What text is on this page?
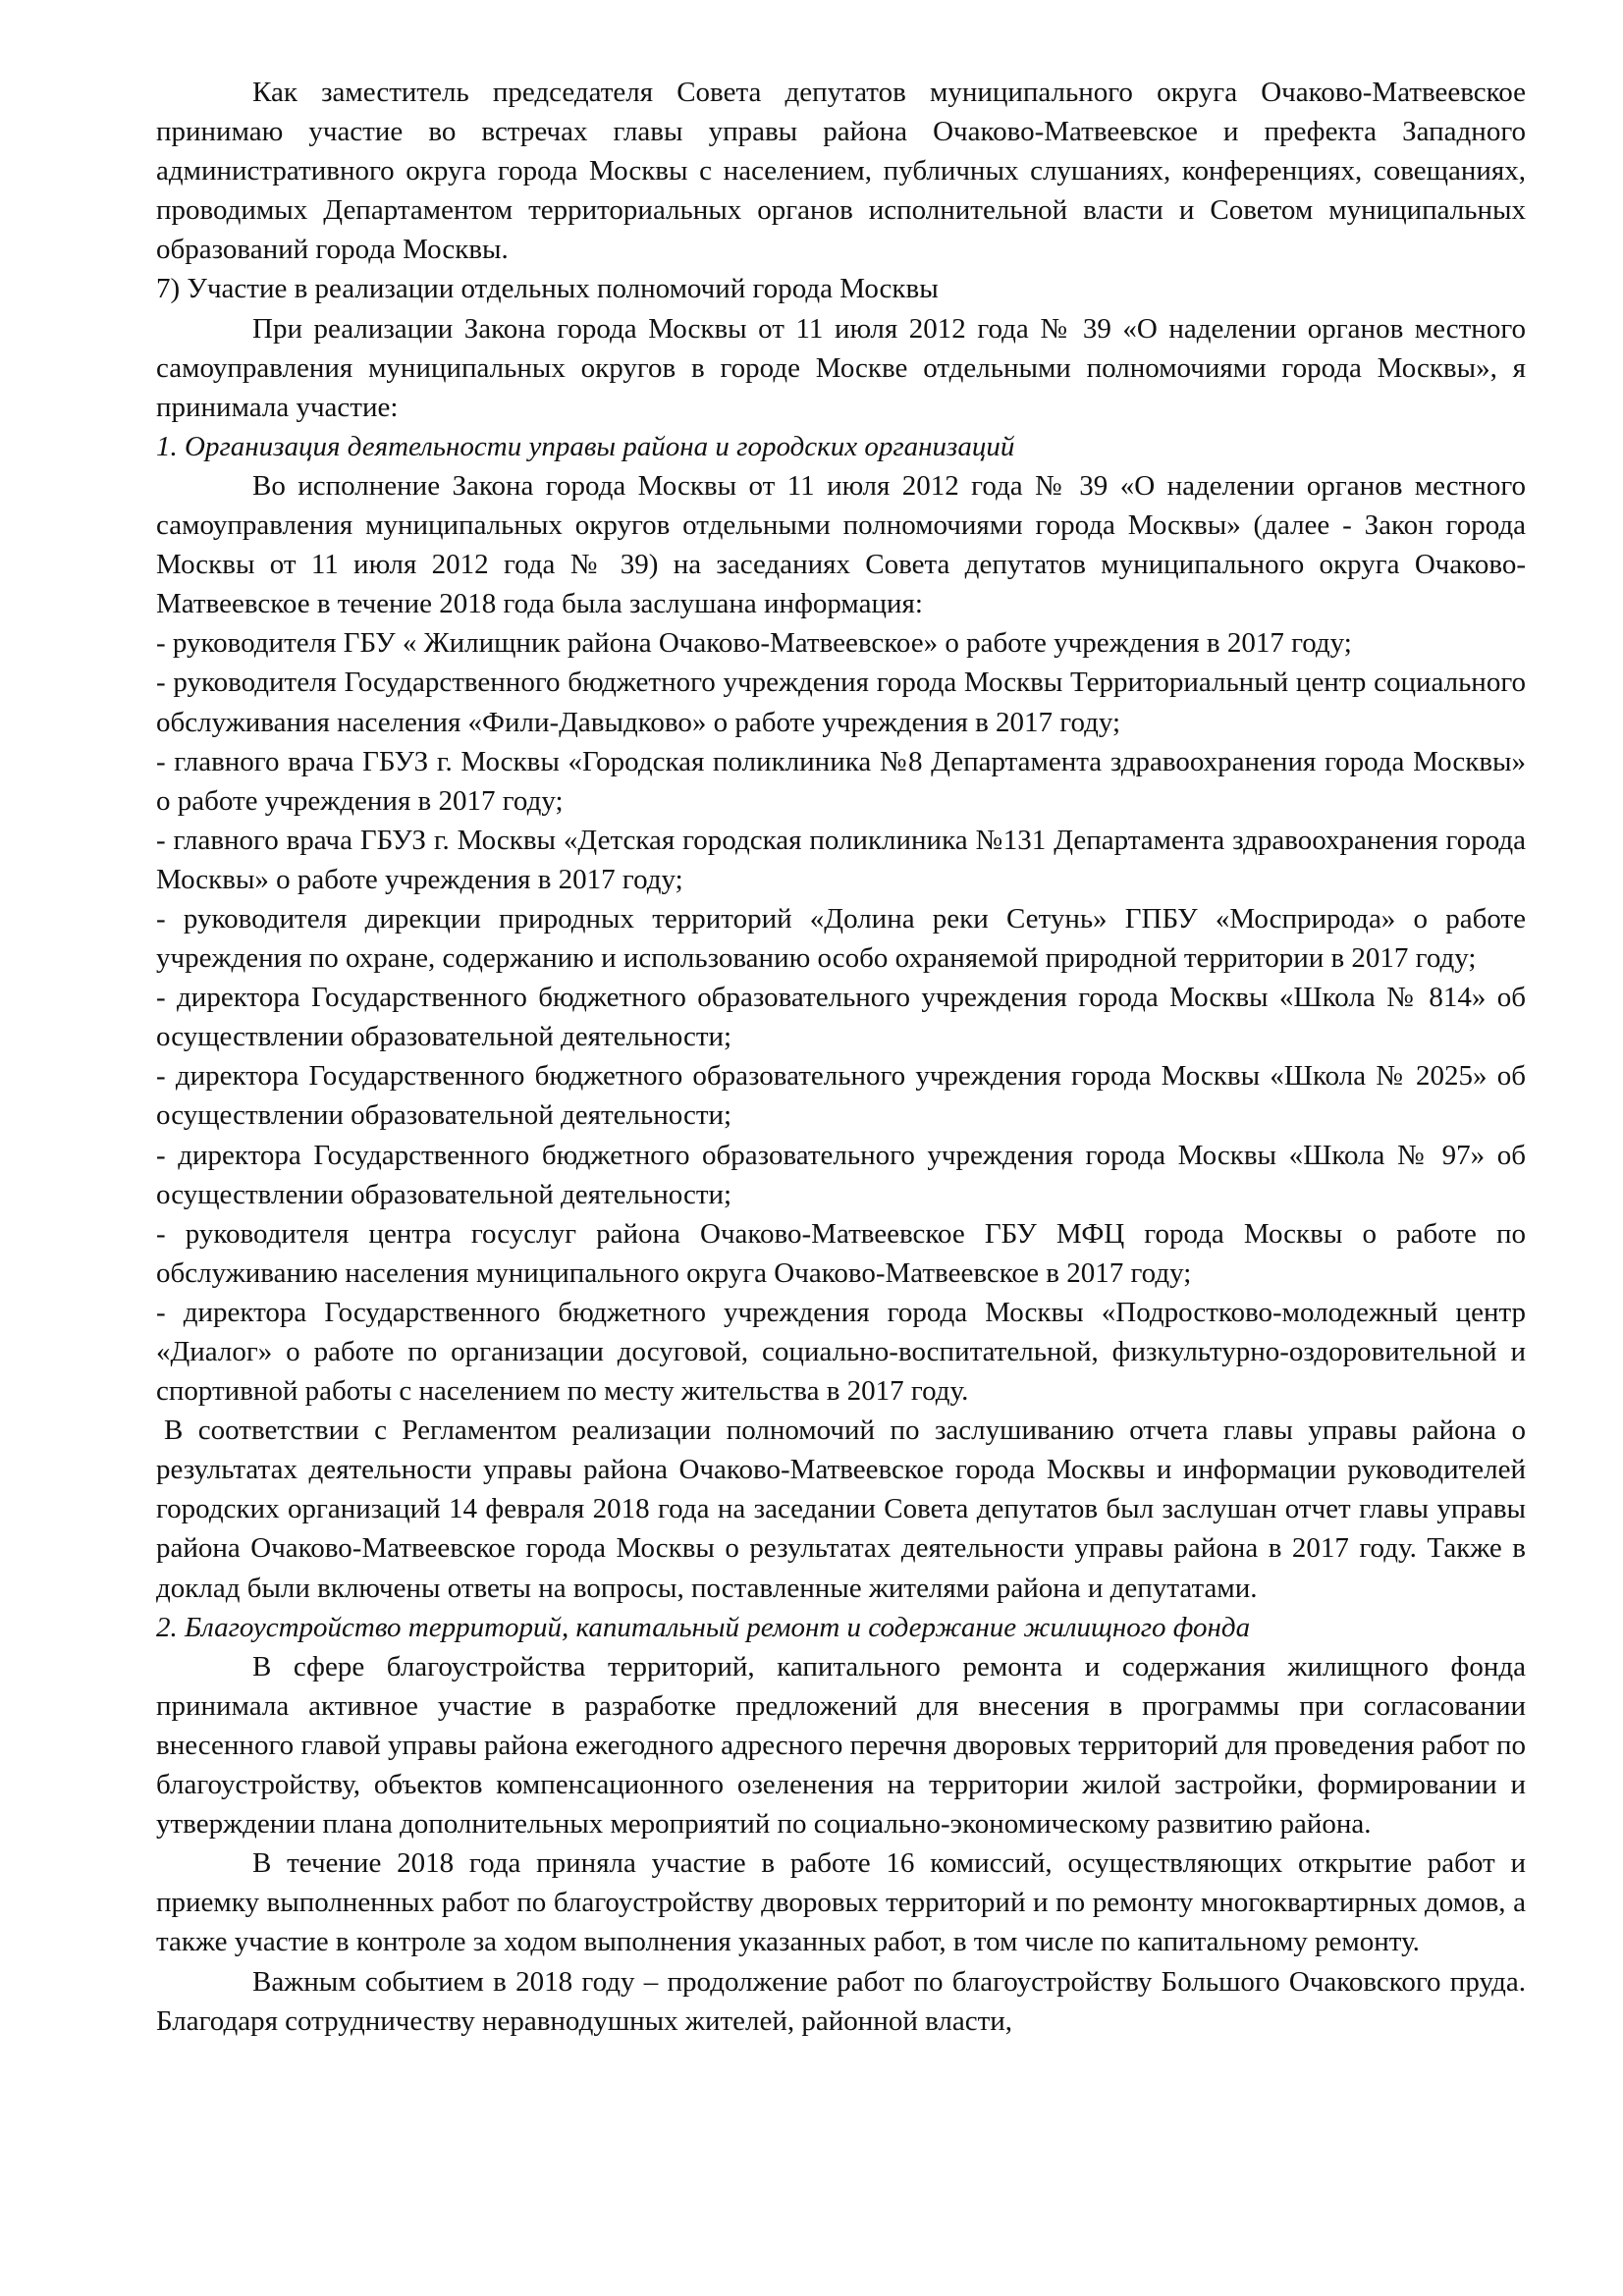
Как заместитель председателя Совета депутатов муниципального округа Очаково-Матвеевское принимаю участие во встречах главы управы района Очаково-Матвеевское и префекта Западного административного округа города Москвы с населением, публичных слушаниях, конференциях, совещаниях, проводимых Департаментом территориальных органов исполнительной власти и Советом муниципальных образований города Москвы.

7) Участие в реализации отдельных полномочий города Москвы

При реализации Закона города Москвы от 11 июля 2012 года № 39 «О наделении органов местного самоуправления муниципальных округов в городе Москве отдельными полномочиями города Москвы», я принимала участие:

1. Организация деятельности управы района и городских организаций

Во исполнение Закона города Москвы от 11 июля 2012 года № 39 «О наделении органов местного самоуправления муниципальных округов отдельными полномочиями города Москвы» (далее - Закон города Москвы от 11 июля 2012 года № 39) на заседаниях Совета депутатов муниципального округа Очаково-Матвеевское в течение 2018 года была заслушана информация:

- руководителя ГБУ « Жилищник района Очаково-Матвеевское» о работе учреждения в 2017 году;

- руководителя Государственного бюджетного учреждения города Москвы Территориальный центр социального обслуживания населения «Фили-Давыдково» о работе учреждения в 2017 году;

- главного врача ГБУЗ г. Москвы «Городская поликлиника №8 Департамента здравоохранения города Москвы» о работе учреждения в 2017 году;

- главного врача ГБУЗ г. Москвы «Детская городская поликлиника №131 Департамента здравоохранения города Москвы» о работе учреждения в 2017 году;

- руководителя дирекции природных территорий «Долина реки Сетунь» ГПБУ «Мосприрода» о работе учреждения по охране, содержанию и использованию особо охраняемой природной территории в 2017 году;

- директора Государственного бюджетного образовательного учреждения города Москвы «Школа № 814» об осуществлении образовательной деятельности;

- директора Государственного бюджетного образовательного учреждения города Москвы «Школа № 2025» об осуществлении образовательной деятельности;

- директора Государственного бюджетного образовательного учреждения города Москвы «Школа № 97» об осуществлении образовательной деятельности;

- руководителя центра госуслуг района Очаково-Матвеевское ГБУ МФЦ города Москвы о работе по обслуживанию населения муниципального округа Очаково-Матвеевское в 2017 году;

- директора Государственного бюджетного учреждения города Москвы «Подростково-молодежный центр «Диалог» о работе по организации досуговой, социально-воспитательной, физкультурно-оздоровительной и спортивной работы с населением по месту жительства в 2017 году.

В соответствии с Регламентом реализации полномочий по заслушиванию отчета главы управы района о результатах деятельности управы района Очаково-Матвеевское города Москвы и информации руководителей городских организаций 14 февраля 2018 года на заседании Совета депутатов был заслушан отчет главы управы района Очаково-Матвеевское города Москвы о результатах деятельности управы района в 2017 году. Также в доклад были включены ответы на вопросы, поставленные жителями района и депутатами.

2. Благоустройство территорий, капитальный ремонт и содержание жилищного фонда

В сфере благоустройства территорий, капитального ремонта и содержания жилищного фонда принимала активное участие в разработке предложений для внесения в программы при согласовании внесенного главой управы района ежегодного адресного перечня дворовых территорий для проведения работ по благоустройству, объектов компенсационного озеленения на территории жилой застройки, формировании и утверждении плана дополнительных мероприятий по социально-экономическому развитию района.

В течение 2018 года приняла участие в работе 16 комиссий, осуществляющих открытие работ и приемку выполненных работ по благоустройству дворовых территорий и по ремонту многоквартирных домов, а также участие в контроле за ходом выполнения указанных работ, в том числе по капитальному ремонту.

Важным событием в 2018 году – продолжение работ по благоустройству Большого Очаковского пруда. Благодаря сотрудничеству неравнодушных жителей, районной власти,
